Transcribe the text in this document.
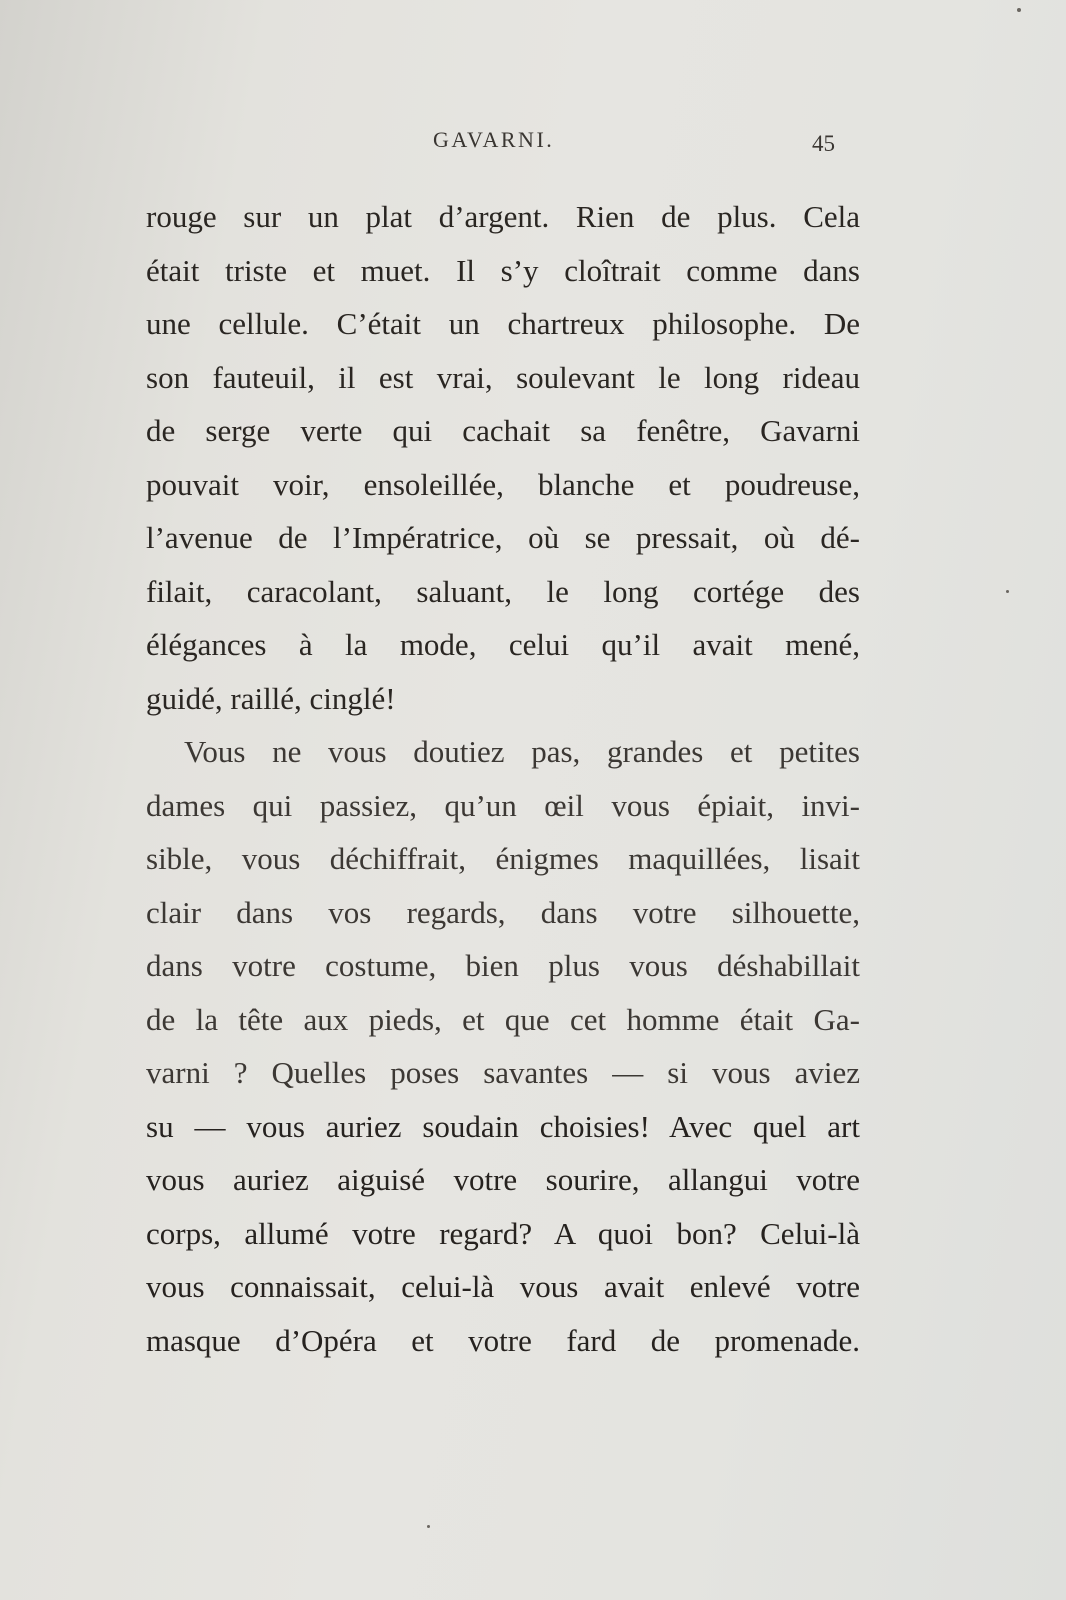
GAVARNI.	45
rouge sur un plat d’argent. Rien de plus. Cela
était triste et muet. Il s’y cloîtrait comme dans
une cellule. C’était un chartreux philosophe. De
son fauteuil, il est vrai, soulevant le long rideau
de serge verte qui cachait sa fenêtre, Gavarni
pouvait voir, ensoleillée, blanche et poudreuse,
l’avenue de l’Impératrice, où se pressait, où dé-
filait, caracolant, saluant, le long cortége des
élégances à la mode, celui qu’il avait mené,
guidé, raillé, cinglé!
Vous ne vous doutiez pas, grandes et petites
dames qui passiez, qu’un œil vous épiait, invi-
sible, vous déchiffrait, énigmes maquillées, lisait
clair dans vos regards, dans votre silhouette,
dans votre costume, bien plus vous déshabillait
de la tête aux pieds, et que cet homme était Ga-
varni ? Quelles poses savantes — si vous aviez
su — vous auriez soudain choisies! Avec quel art
vous auriez aiguisé votre sourire, allangui votre
corps, allumé votre regard? A quoi bon? Celui-là
vous connaissait, celui-là vous avait enlevé votre
masque d’Opéra et votre fard de promenade.
